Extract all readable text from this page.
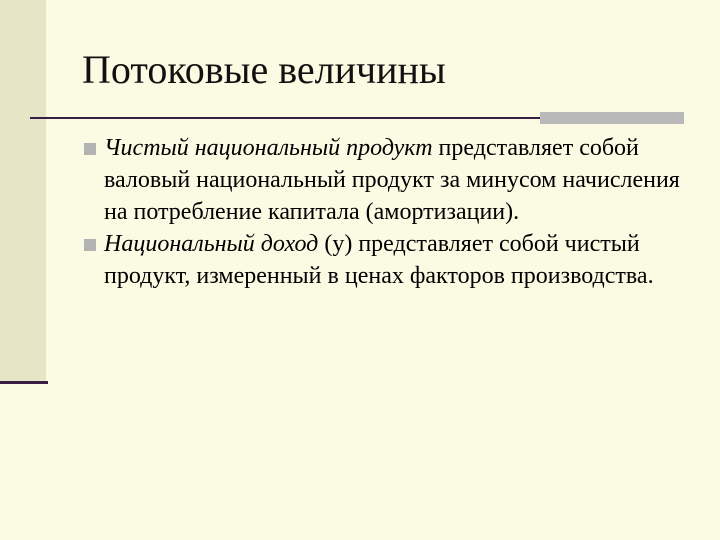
Потоковые величины
Чистый национальный продукт представляет собой валовый национальный продукт за минусом начисления на потребление капитала (амортизации).
Национальный доход (у) представляет собой чистый продукт, измеренный в ценах факторов производства.
